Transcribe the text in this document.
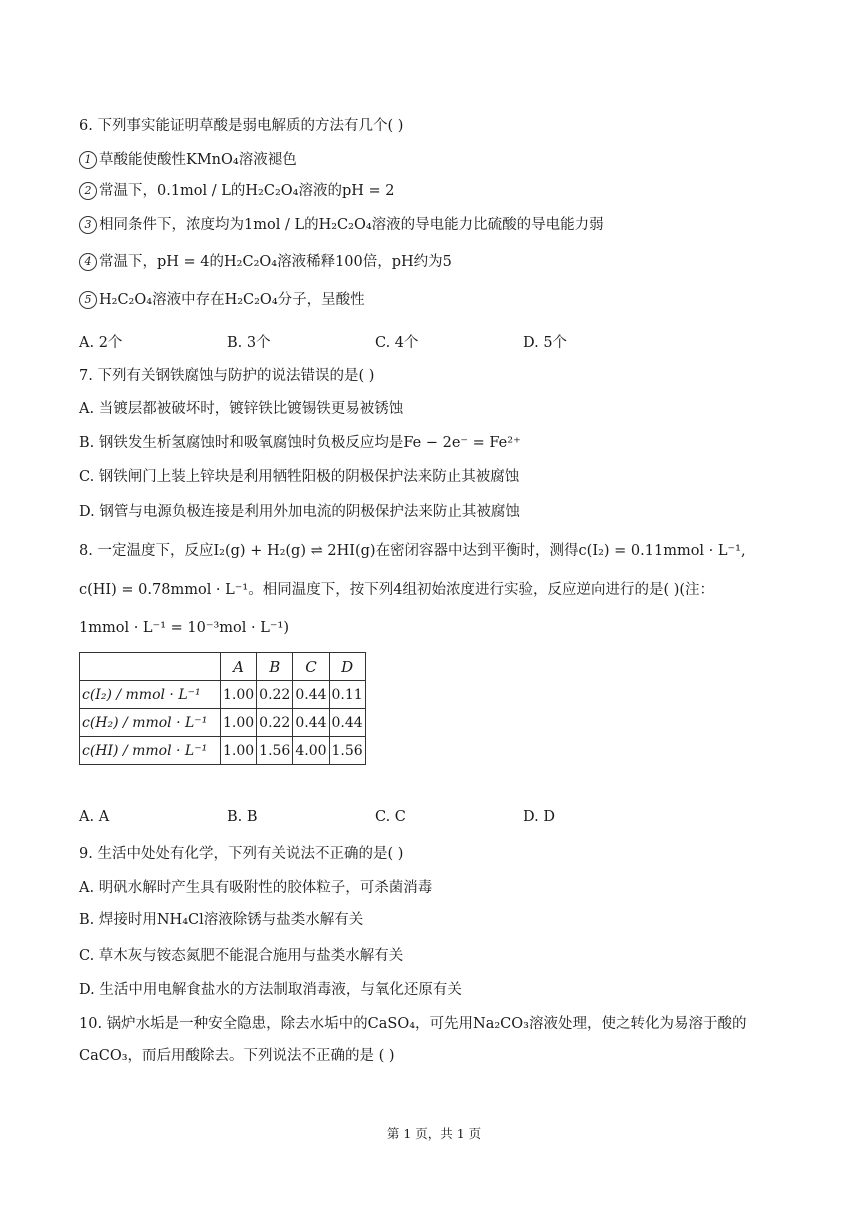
6. 下列事实能证明草酸是弱电解质的方法有几个( )
1 草酸能使酸性KMnO₄溶液褪色
2 常温下，0.1mol / L的H₂C₂O₄溶液的pH = 2
3 相同条件下，浓度均为1mol / L的H₂C₂O₄溶液的导电能力比硫酸的导电能力弱
4 常温下，pH = 4的H₂C₂O₄溶液稀释100倍，pH约为5
5 H₂C₂O₄溶液中存在H₂C₂O₄分子，呈酸性
A. 2个	B. 3个	C. 4个	D. 5个
7. 下列有关钢铁腐蚀与防护的说法错误的是( )
A. 当镀层都被破坏时，镀锌铁比镀锡铁更易被锈蚀
B. 钢铁发生析氢腐蚀时和吸氧腐蚀时负极反应均是Fe − 2e⁻ = Fe²⁺
C. 钢铁闸门上装上锌块是利用牺牲阳极的阴极保护法来防止其被腐蚀
D. 钢管与电源负极连接是利用外加电流的阴极保护法来防止其被腐蚀
8. 一定温度下，反应I₂(g) + H₂(g) ⇌ 2HI(g)在密闭容器中达到平衡时，测得c(I₂) = 0.11mmol · L⁻¹,
c(HI) = 0.78mmol · L⁻¹。相同温度下，按下列4组初始浓度进行实验，反应逆向进行的是( )(注：
1mmol · L⁻¹ = 10⁻³mol · L⁻¹)
	A	B	C	D
c(I₂) / mmol · L⁻¹	1.00	0.22	0.44	0.11
c(H₂) / mmol · L⁻¹	1.00	0.22	0.44	0.44
c(HI) / mmol · L⁻¹	1.00	1.56	4.00	1.56
A. A	B. B	C. C	D. D
9. 生活中处处有化学，下列有关说法不正确的是( )
A. 明矾水解时产生具有吸附性的胶体粒子，可杀菌消毒
B. 焊接时用NH₄Cl溶液除锈与盐类水解有关
C. 草木灰与铵态氮肥不能混合施用与盐类水解有关
D. 生活中用电解食盐水的方法制取消毒液，与氧化还原有关
10. 锅炉水垢是一种安全隐患，除去水垢中的CaSO₄，可先用Na₂CO₃溶液处理，使之转化为易溶于酸的
CaCO₃，而后用酸除去。下列说法不正确的是 ( )
第 1 页，共 1 页
